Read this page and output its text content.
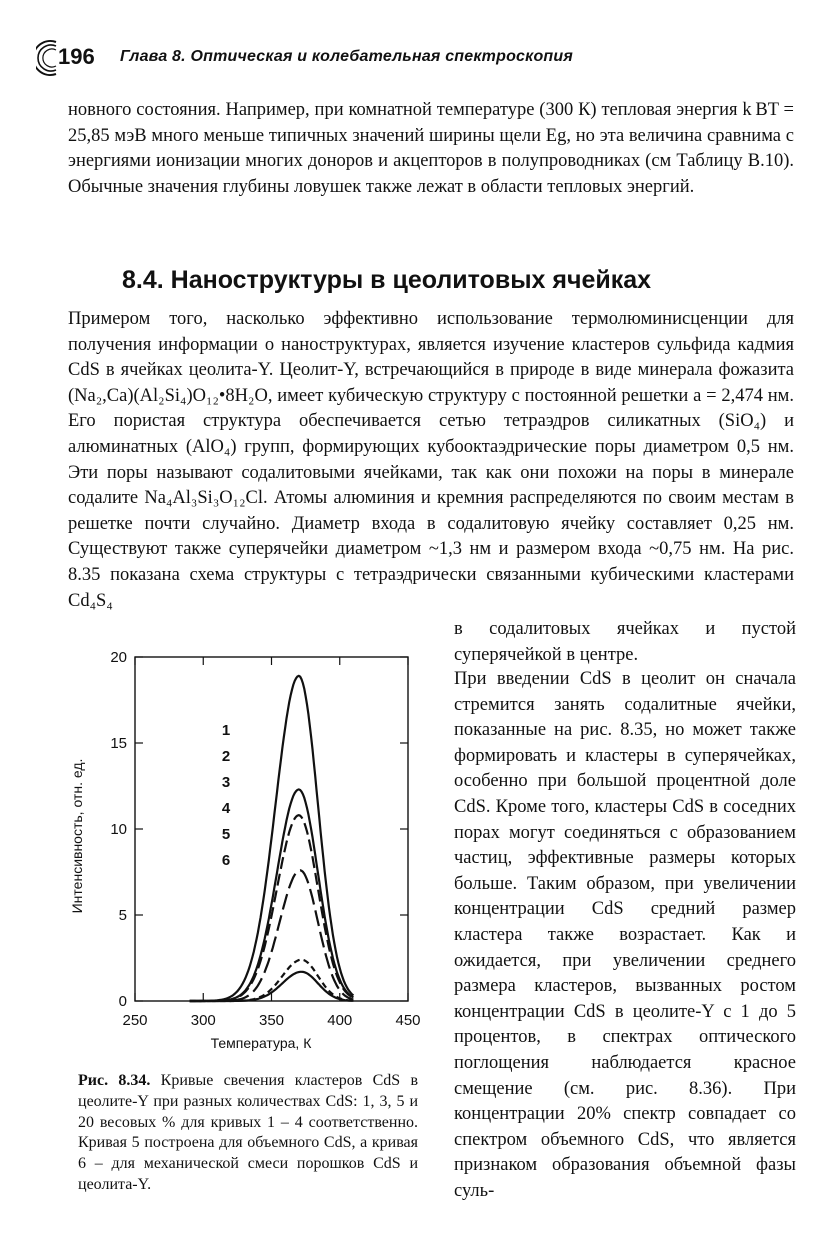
196 Глава 8. Оптическая и колебательная спектроскопия

новного состояния. Например, при комнатной температуре (300 К) тепловая энергия k BT = 25,85 мэВ много меньше типичных значений ширины щели Eg, но эта величина сравнима с энергиями ионизации многих доноров и акцепторов в полупроводниках (см Таблицу В.10). Обычные значения глубины ловушек также лежат в области тепловых энергий.

8.4. Наноструктуры в цеолитовых ячейках

Примером того, насколько эффективно использование термолюминисценции для получения информации о наноструктурах, является изучение кластеров сульфида кадмия CdS в ячейках цеолита-Y. Цеолит-Y, встречающийся в природе в виде минерала фожазита (Na₂,Ca)(Al₂Si₄)O₁₂•8H₂O, имеет кубическую структуру с постоянной решетки a = 2,474 нм. Его пористая структура обеспечивается сетью тетраэдров силикатных (SiO₄) и алюминатных (AlO₄) групп, формирующих кубооктаэдрические поры диаметром 0,5 нм. Эти поры называют содалитовыми ячейками, так как они похожи на поры в минерале содалите Na₄Al₃Si₃O₁₂Cl. Атомы алюминия и кремния распределяются по своим местам в решетке почти случайно. Диаметр входа в содалитовую ячейку составляет 0,25 нм. Существуют также суперячейки диаметром ~1,3 нм и размером входа ~0,75 нм. На рис. 8.35 показана схема структуры с тетраэдрически связанными кубическими кластерами Cd₄S₄

в содалитовых ячейках и пустой суперячейкой в центре.

При введении CdS в цеолит он сначала стремится занять содалитные ячейки, показанные на рис. 8.35, но может также формировать и кластеры в суперячейках, особенно при большой процентной доле CdS. Кроме того, кластеры CdS в соседних порах могут соединяться с образованием частиц, эффективные размеры которых больше. Таким образом, при увеличении концентрации CdS средний размер кластера также возрастает. Как и ожидается, при увеличении среднего размера кластеров, вызванных ростом концентрации CdS в цеолите-Y с 1 до 5 процентов, в спектрах оптического поглощения наблюдается красное смещение (см. рис. 8.36). При концентрации 20% спектр совпадает со спектром объемного CdS, что является признаком образования объемной фазы суль-

250	300	350	400	450
0
5
10
15
20
1
2
3
4
5
6
Температура, К
Интенсивность, отн. ед.

Рис. 8.34. Кривые свечения кластеров CdS в цеолите-Y при разных количествах CdS: 1, 3, 5 и 20 весовых % для кривых 1 – 4 соответственно. Кривая 5 построена для объемного CdS, а кривая 6 – для механической смеси порошков CdS и цеолита-Y.
